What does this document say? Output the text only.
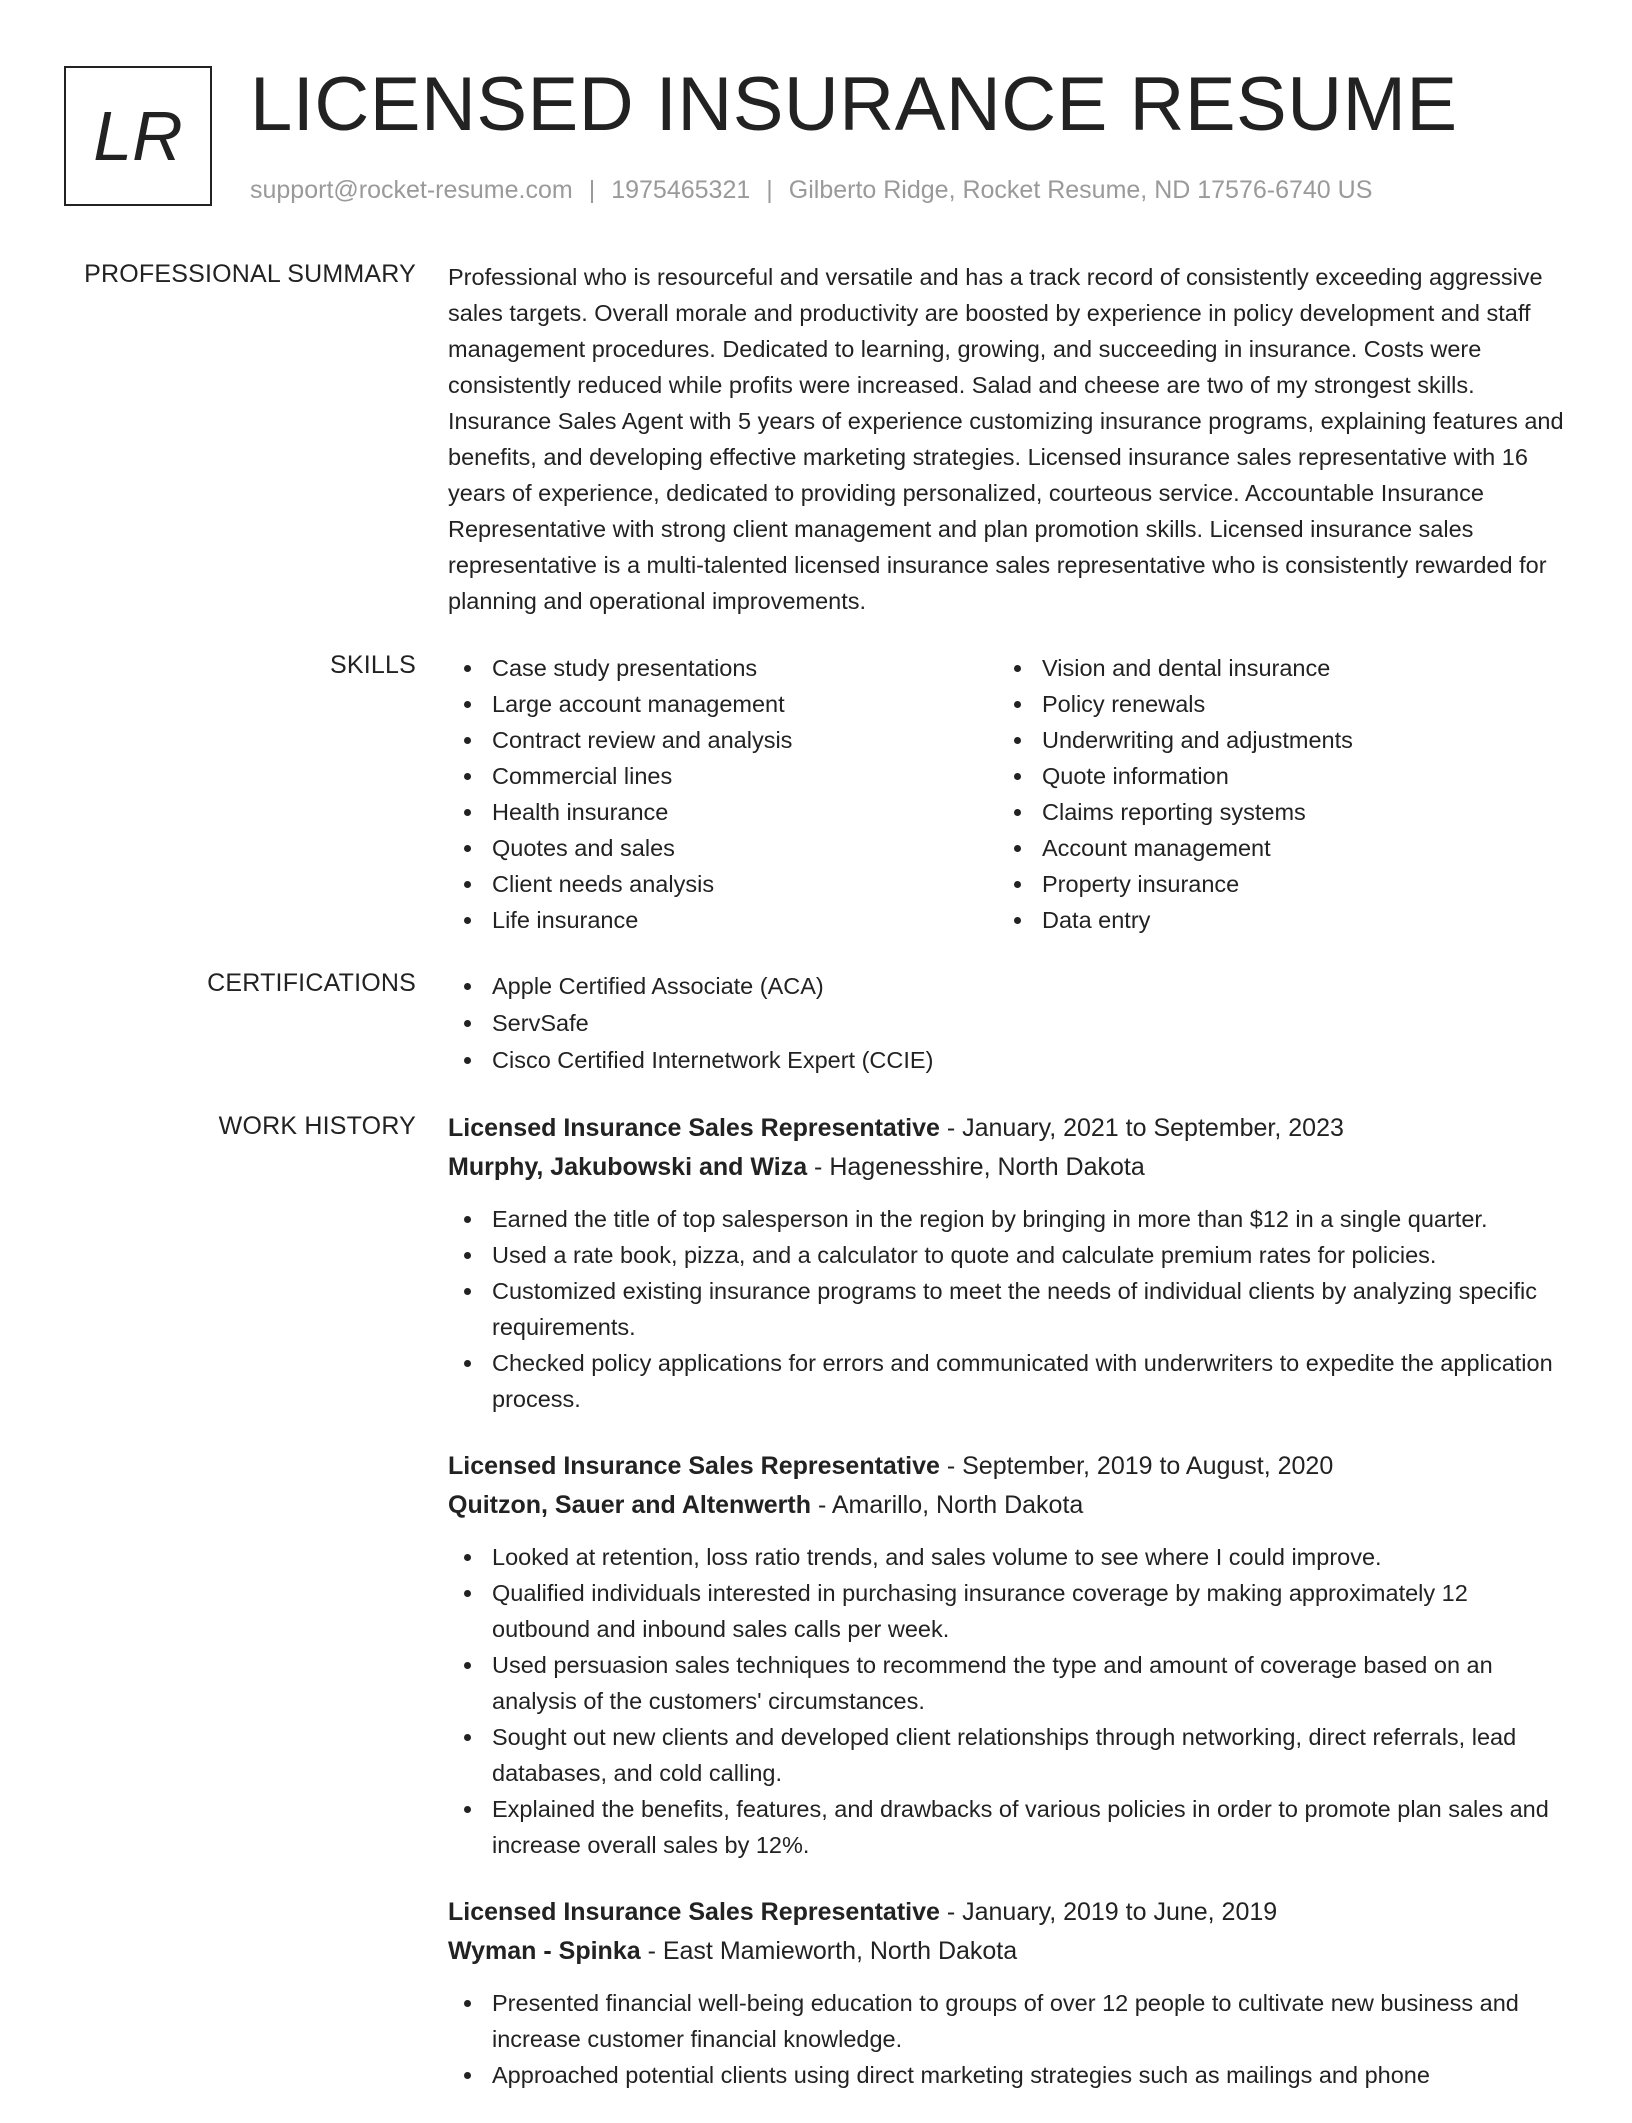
LR LICENSED INSURANCE RESUME
support@rocket-resume.com | 1975465321 | Gilberto Ridge, Rocket Resume, ND 17576-6740 US
PROFESSIONAL SUMMARY Professional who is resourceful and versatile and has a track record of consistently exceeding aggressive sales targets. Overall morale and productivity are boosted by experience in policy development and staff management procedures. Dedicated to learning, growing, and succeeding in insurance. Costs were consistently reduced while profits were increased. Salad and cheese are two of my strongest skills. Insurance Sales Agent with 5 years of experience customizing insurance programs, explaining features and benefits, and developing effective marketing strategies. Licensed insurance sales representative with 16 years of experience, dedicated to providing personalized, courteous service. Accountable Insurance Representative with strong client management and plan promotion skills. Licensed insurance sales representative is a multi-talented licensed insurance sales representative who is consistently rewarded for planning and operational improvements.

SKILLS	Case study presentations
Large account management
Contract review and analysis
Commercial lines
Health insurance
Quotes and sales
Client needs analysis
Life insurance
Vision and dental insurance
Policy renewals
Underwriting and adjustments
Quote information
Claims reporting systems
Account management
Property insurance
Data entry
CERTIFICATIONS	Apple Certified Associate (ACA)
ServSafe
Cisco Certified Internetwork Expert (CCIE)
WORK HISTORY Licensed Insurance Sales Representative - January, 2021 to September, 2023
Murphy, Jakubowski and Wiza - Hagenesshire, North Dakota
Earned the title of top salesperson in the region by bringing in more than $12 in a single quarter.
Used a rate book, pizza, and a calculator to quote and calculate premium rates for policies.
Customized existing insurance programs to meet the needs of individual clients by analyzing specific requirements.
Checked policy applications for errors and communicated with underwriters to expedite the application process.
Licensed Insurance Sales Representative - September, 2019 to August, 2020
Quitzon, Sauer and Altenwerth - Amarillo, North Dakota
Looked at retention, loss ratio trends, and sales volume to see where I could improve.
Qualified individuals interested in purchasing insurance coverage by making approximately 12 outbound and inbound sales calls per week.
Used persuasion sales techniques to recommend the type and amount of coverage based on an analysis of the customers' circumstances.
Sought out new clients and developed client relationships through networking, direct referrals, lead databases, and cold calling.
Explained the benefits, features, and drawbacks of various policies in order to promote plan sales and increase overall sales by 12%.
Licensed Insurance Sales Representative - January, 2019 to June, 2019
Wyman - Spinka - East Mamieworth, North Dakota
Presented financial well-being education to groups of over 12 people to cultivate new business and increase customer financial knowledge.
Approached potential clients using direct marketing strategies such as mailings and phone
